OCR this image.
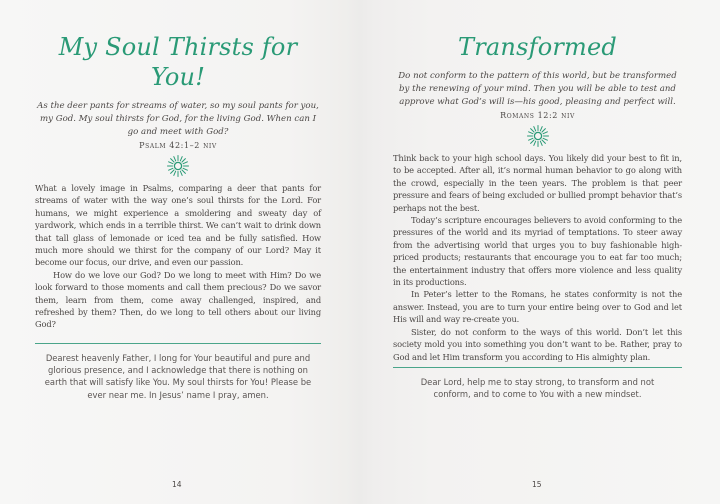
My Soul Thirsts for You!
As the deer pants for streams of water, so my soul pants for you, my God. My soul thirsts for God, for the living God. When can I go and meet with God?
Psalm 42:1–2 niv

What a lovely image in Psalms, comparing a deer that pants for streams of water with the way one’s soul thirsts for the Lord. For humans, we might experience a smoldering and sweaty day of yardwork, which ends in a terrible thirst. We can’t wait to drink down that tall glass of lemonade or iced tea and be fully satisfied. How much more should we thirst for the company of our Lord? May it become our focus, our drive, and even our passion.

How do we love our God? Do we long to meet with Him? Do we look forward to those moments and call them precious? Do we savor them, learn from them, come away challenged, inspired, and refreshed by them? Then, do we long to tell others about our living God?

Dearest heavenly Father, I long for Your beautiful and pure and glorious presence, and I acknowledge that there is nothing on earth that will satisfy like You. My soul thirsts for You! Please be ever near me. In Jesus’ name I pray, amen.
14
Transformed
Do not conform to the pattern of this world, but be transformed by the renewing of your mind. Then you will be able to test and approve what God’s will is—his good, pleasing and perfect will.
Romans 12:2 niv

Think back to your high school days. You likely did your best to fit in, to be accepted. After all, it’s normal human behavior to go along with the crowd, especially in the teen years. The problem is that peer pressure and fears of being excluded or bullied prompt behavior that’s perhaps not the best.

Today’s scripture encourages believers to avoid conforming to the pressures of the world and its myriad of temptations. To steer away from the advertising world that urges you to buy fashionable high-priced products; restaurants that encourage you to eat far too much; the entertainment industry that offers more violence and less quality in its productions.

In Peter’s letter to the Romans, he states conformity is not the answer. Instead, you are to turn your entire being over to God and let His will and way re-create you.

Sister, do not conform to the ways of this world. Don’t let this society mold you into something you don’t want to be. Rather, pray to God and let Him transform you according to His almighty plan.

Dear Lord, help me to stay strong, to transform and not conform, and to come to You with a new mindset.
15
